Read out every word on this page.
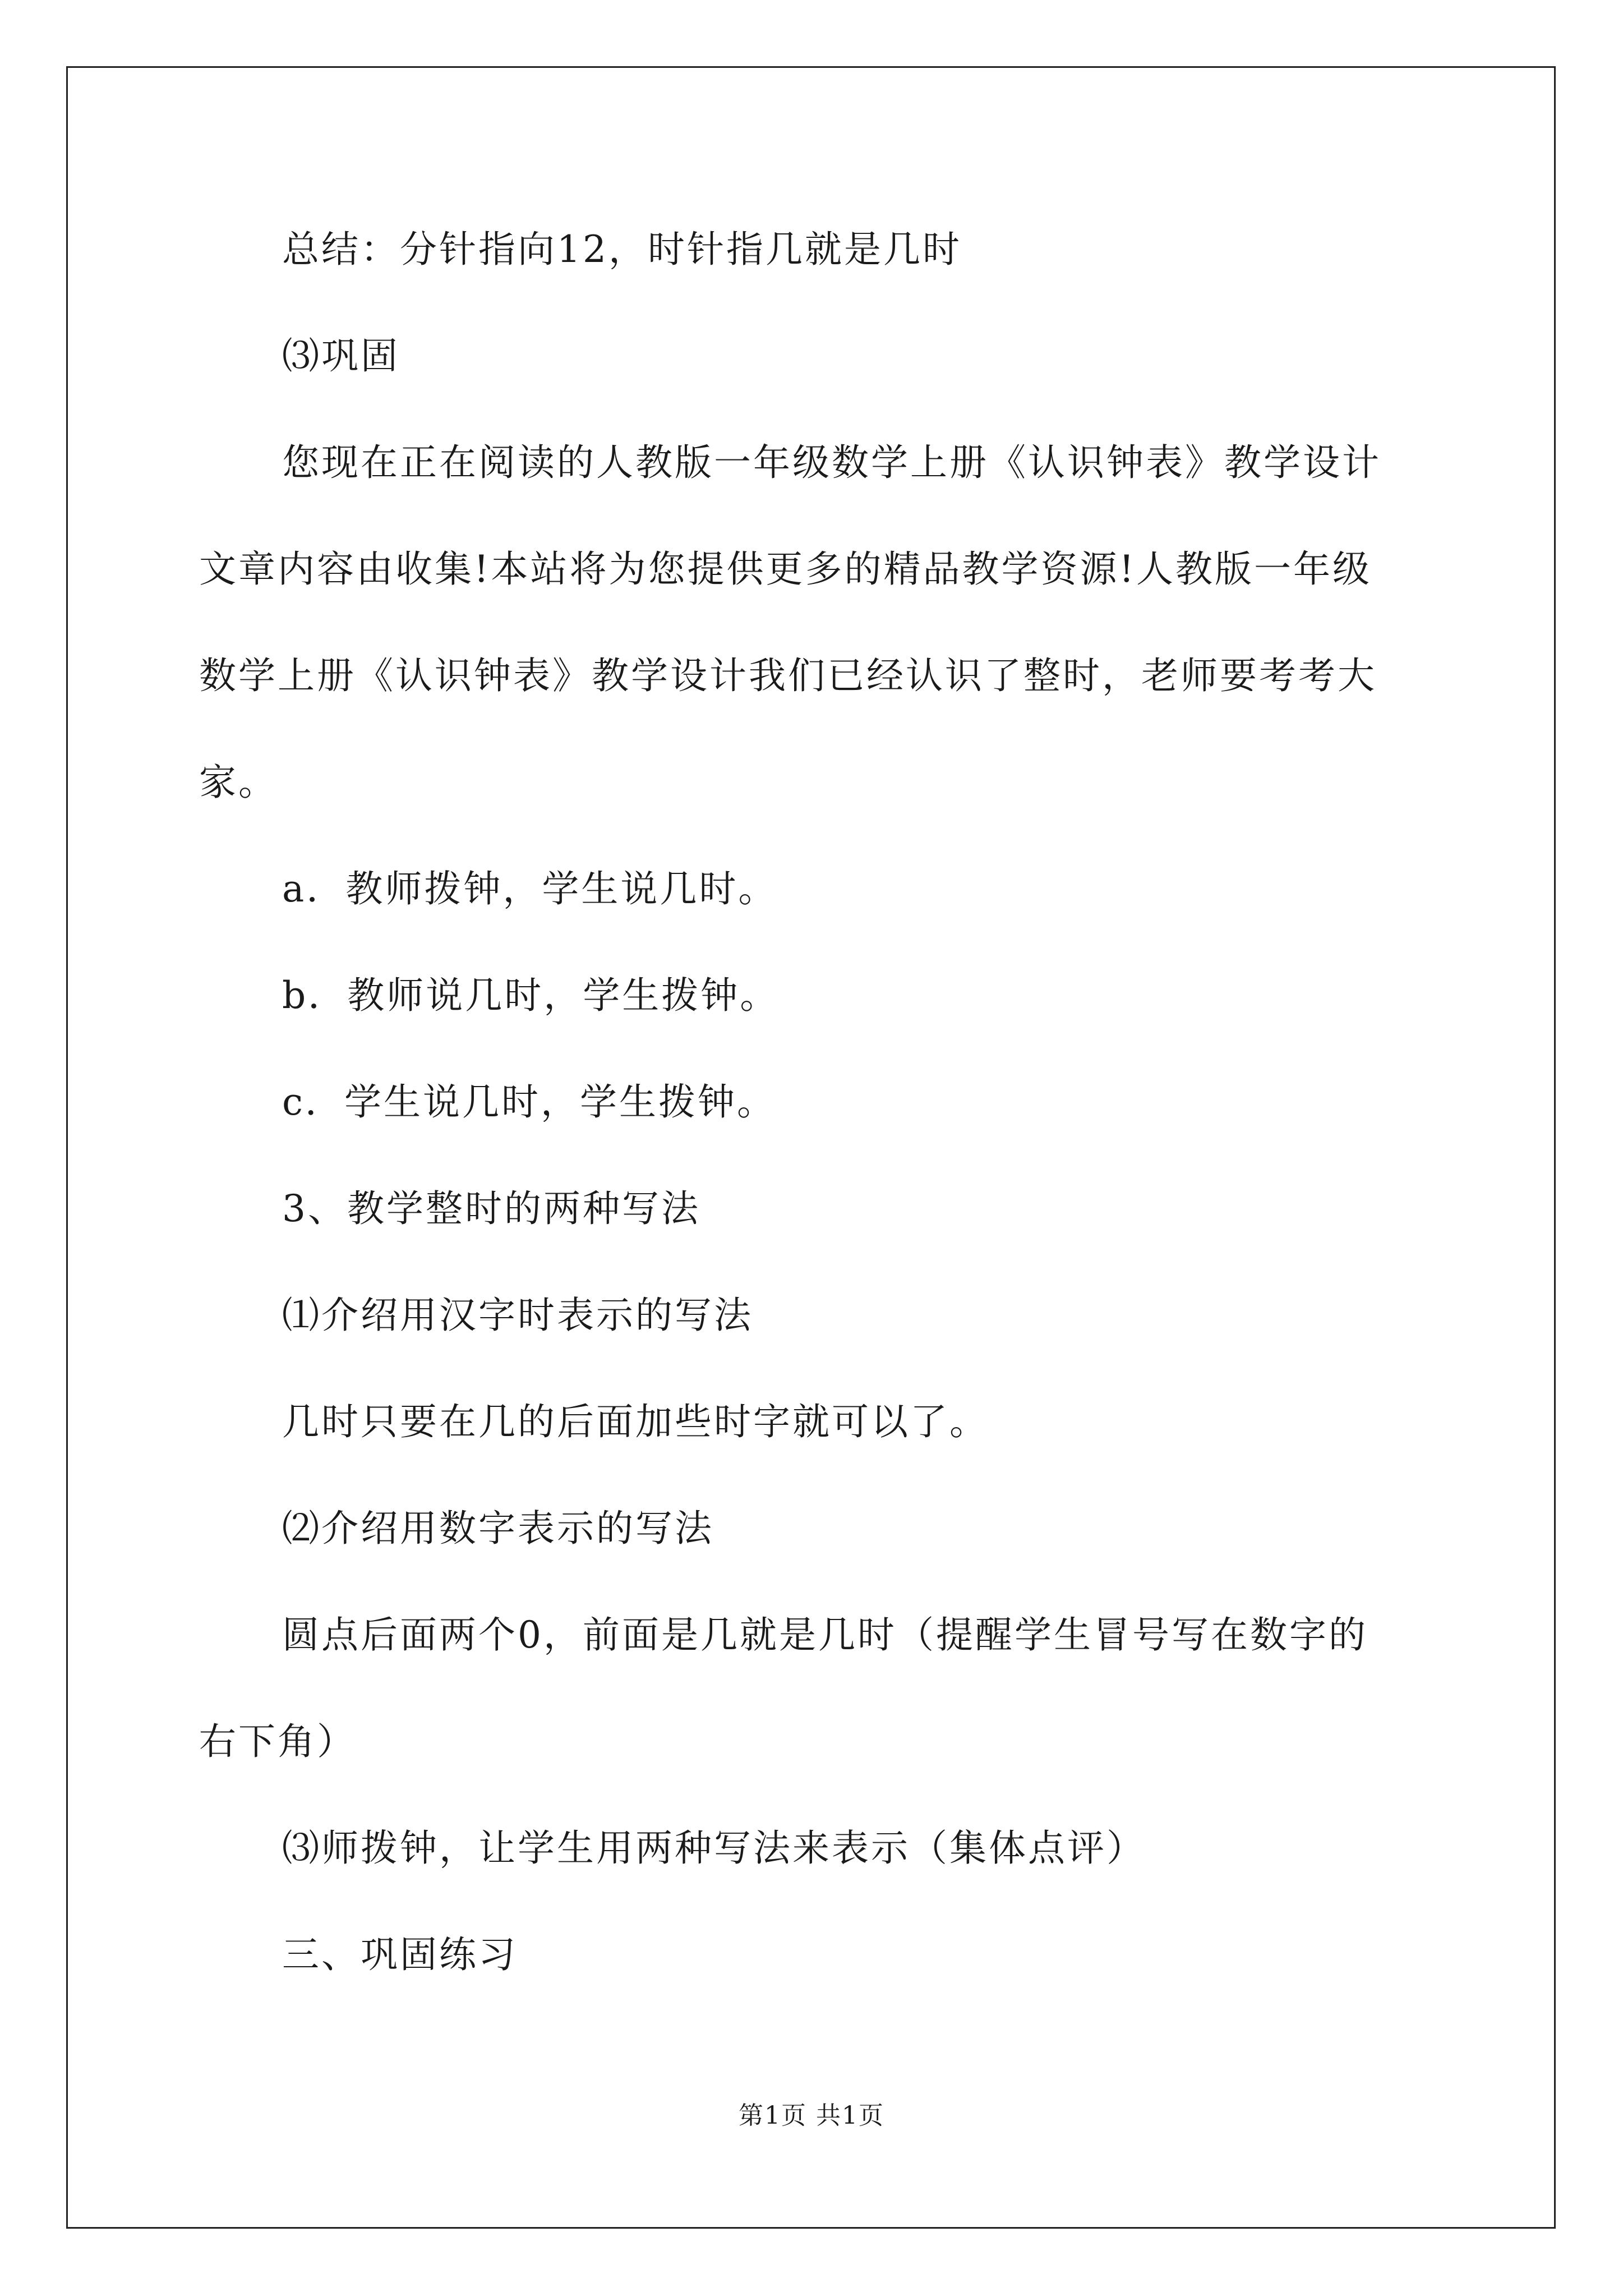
总结：分针指向12，时针指几就是几时
⑶巩固
您现在正在阅读的人教版一年级数学上册《认识钟表》教学设计
文章内容由收集!本站将为您提供更多的精品教学资源!人教版一年级
数学上册《认识钟表》教学设计我们已经认识了整时，老师要考考大
家。
a．教师拨钟，学生说几时。
b．教师说几时，学生拨钟。
c．学生说几时，学生拨钟。
3、教学整时的两种写法
⑴介绍用汉字时表示的写法
几时只要在几的后面加些时字就可以了。
⑵介绍用数字表示的写法
圆点后面两个0，前面是几就是几时（提醒学生冒号写在数字的
右下角）
⑶师拨钟，让学生用两种写法来表示（集体点评）
三、巩固练习
第1页 共1页
